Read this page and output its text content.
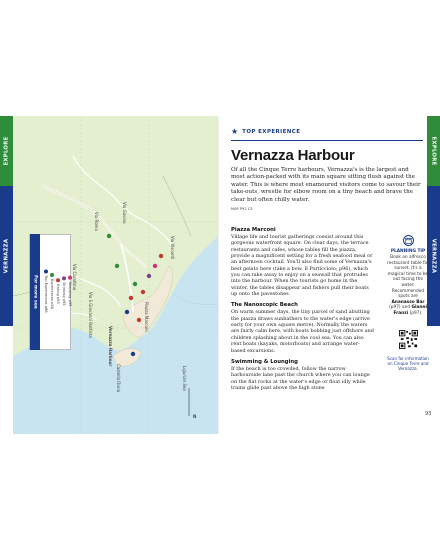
EXPLORE
VERNAZZA
Vernazza Harbour
Piazza Marconi
Castello Doria	Ligurian Sea
Via Roma	Via Gavino
Via Carattino
Via S Giovanni Battista
Via Visconti
N
For more see Top Experiences p86 Experiences p90 Eating p93 Drinking p95 Shopping p95
EXPLORE
VERNAZZA
93
★ TOP EXPERIENCE
Vernazza Harbour

Of all the Cinque Terre harbours, Vernazza's is the largest and most action-packed with its main square sitting flush against the water. This is where most enamoured visitors come to savour their take-outs, wrestle for elbow room on a tiny beach and brave the clear but often chilly water.

MAP P92 C3
Piazza Marconi

Village life and tourist gatherings coexist around this gorgeous waterfront square. On clear days, the terrace restaurants and cafes, whose tables fill the piazza, provide a magnificent setting for a fresh seafood meal or an afternoon cocktail. You'll also find some of Vernazza's best gelato here (take a bow, Il Porticciolo; p96), which you can take away to enjoy on a seawall that protrudes into the harbour. When the tourists go home in the winter, the tables disappear and fishers pull their boats up onto the pavestones.

The Nanoscopic Beach

On warm summer days, the tiny parcel of sand abutting the piazza draws sunbathers to the water's edge (arrive early for your own square metre). Normally the waters are fairly calm here, with boats bobbing just offshore and children splashing about in the cool sea. You can also rent boats (kayaks, motorboats) and arrange water-based excursions.

Swimming & Lounging

If the beach is too crowded, follow the narrow harbourside lane past the church where you can lounge on the flat rocks at the water's edge or float idly while trains glide past above the high stone

PLANNING TIP
Book an alfresco restaurant table for sunset. It's a magical time to be out facing the water. Recommended spots are Ananasso Bar (p97) and Gianni Franzi (p97).
Scan for information on Cinque Terre and Vernazza.
